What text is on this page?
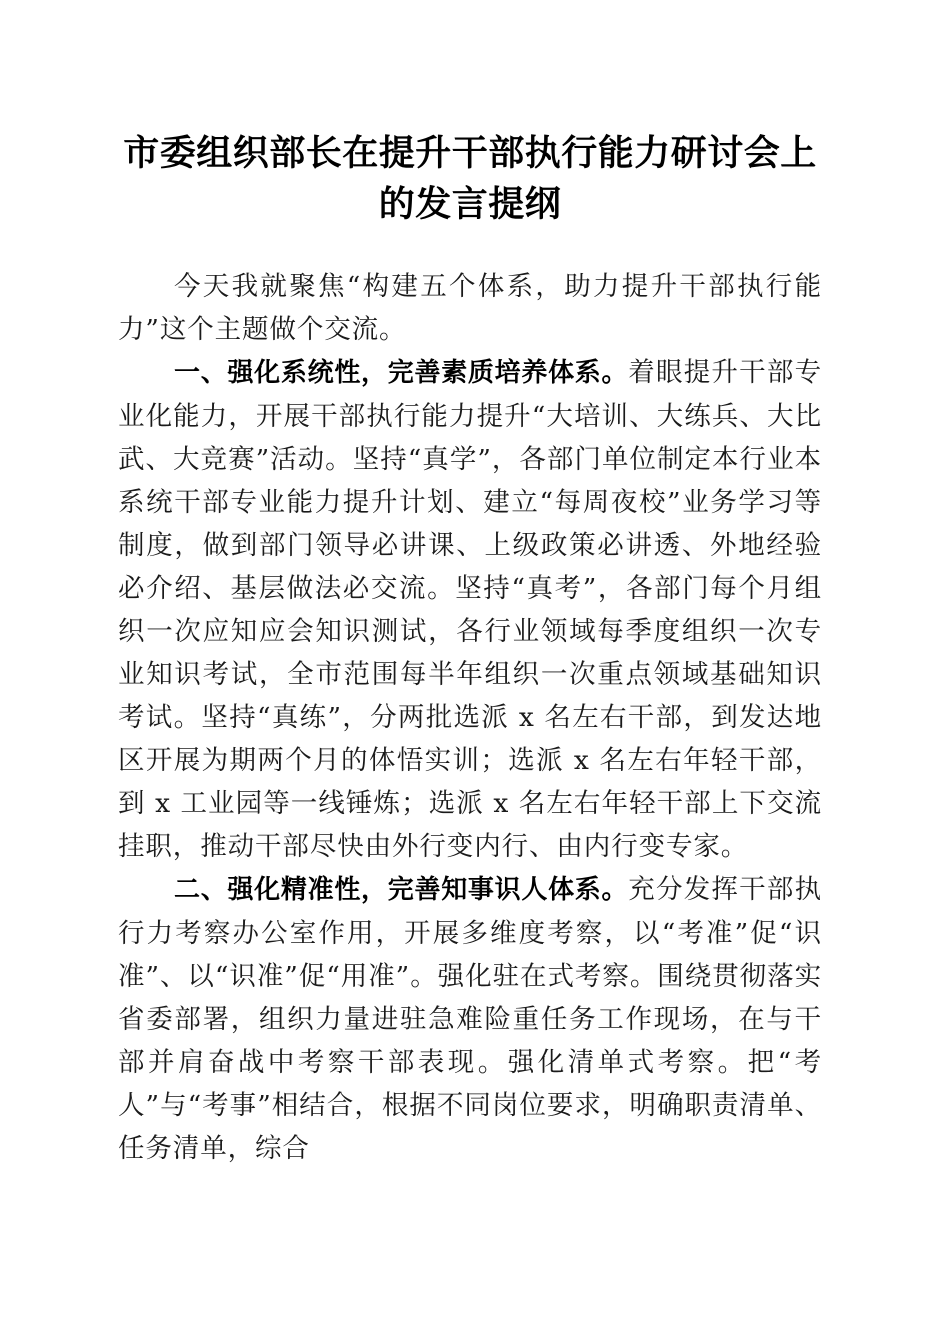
市委组织部长在提升干部执行能力研讨会上的发言提纲

今天我就聚焦“构建五个体系，助力提升干部执行能力”这个主题做个交流。

一、强化系统性，完善素质培养体系。着眼提升干部专业化能力，开展干部执行能力提升“大培训、大练兵、大比武、大竞赛”活动。坚持“真学”，各部门单位制定本行业本系统干部专业能力提升计划、建立“每周夜校”业务学习等制度，做到部门领导必讲课、上级政策必讲透、外地经验必介绍、基层做法必交流。坚持“真考”，各部门每个月组织一次应知应会知识测试，各行业领域每季度组织一次专业知识考试，全市范围每半年组织一次重点领域基础知识考试。坚持“真练”，分两批选派 x 名左右干部，到发达地区开展为期两个月的体悟实训；选派 x 名左右年轻干部，到 x 工业园等一线锤炼；选派 x 名左右年轻干部上下交流挂职，推动干部尽快由外行变内行、由内行变专家。

二、强化精准性，完善知事识人体系。充分发挥干部执行力考察办公室作用，开展多维度考察，以“考准”促“识准”、以“识准”促“用准”。强化驻在式考察。围绕贯彻落实省委部署，组织力量进驻急难险重任务工作现场，在与干部并肩奋战中考察干部表现。强化清单式考察。把“考人”与“考事”相结合，根据不同岗位要求，明确职责清单、任务清单，综合
